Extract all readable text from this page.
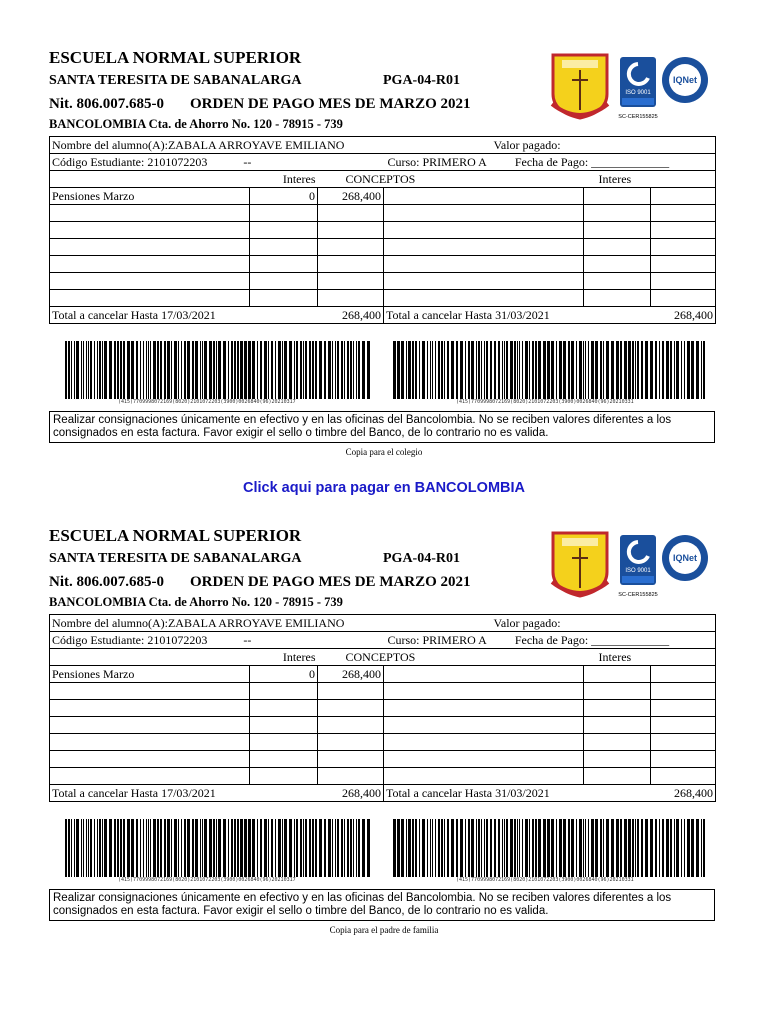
ESCUELA NORMAL SUPERIOR
SANTA TERESITA DE SABANALARGA	PGA-04-R01
Nit. 806.007.685-0 ORDEN DE PAGO MES DE MARZO 2021
BANCOLOMBIA Cta. de Ahorro No. 120 - 78915 - 739
ISO 9001
IQNet
SC-CER155825
Nombre del alumno(A):ZABALA ARROYAVE EMILIANO				Valor pagado:	
Código Estudiante: 2101072203 --		Curso: PRIMERO A Fecha de Pago: _____________			
	Interes	CONCEPTOS		Interes	
Pensiones Marzo	0	268,400			

Total a cancelar Hasta 17/03/2021		268,400	Total a cancelar Hasta 31/03/2021		268,400
(415)7709998072169(8020)2101072203(3900)0026840(96)20210317	(415)7709998072169(8020)2101072203(3900)0026840(96)20210331
Realizar consignaciones únicamente en efectivo y en las oficinas del Bancolombia. No se reciben valores diferentes a los consignados en esta factura. Favor exigir el sello o timbre del Banco, de lo contrario no es valida.
Copia para el colegio
Click aqui para pagar en BANCOLOMBIA
ESCUELA NORMAL SUPERIOR
SANTA TERESITA DE SABANALARGA	PGA-04-R01
Nit. 806.007.685-0 ORDEN DE PAGO MES DE MARZO 2021
BANCOLOMBIA Cta. de Ahorro No. 120 - 78915 - 739
ISO 9001
IQNet
SC-CER155825
Nombre del alumno(A):ZABALA ARROYAVE EMILIANO				Valor pagado:	
Código Estudiante: 2101072203 --		Curso: PRIMERO A Fecha de Pago: _____________			
	Interes	CONCEPTOS		Interes	
Pensiones Marzo	0	268,400			

Total a cancelar Hasta 17/03/2021		268,400	Total a cancelar Hasta 31/03/2021		268,400
(415)7709998072169(8020)2101072203(3900)0026840(96)20210317	(415)7709998072169(8020)2101072203(3900)0026840(96)20210331
Realizar consignaciones únicamente en efectivo y en las oficinas del Bancolombia. No se reciben valores diferentes a los consignados en esta factura. Favor exigir el sello o timbre del Banco, de lo contrario no es valida.
Copia para el padre de familia
